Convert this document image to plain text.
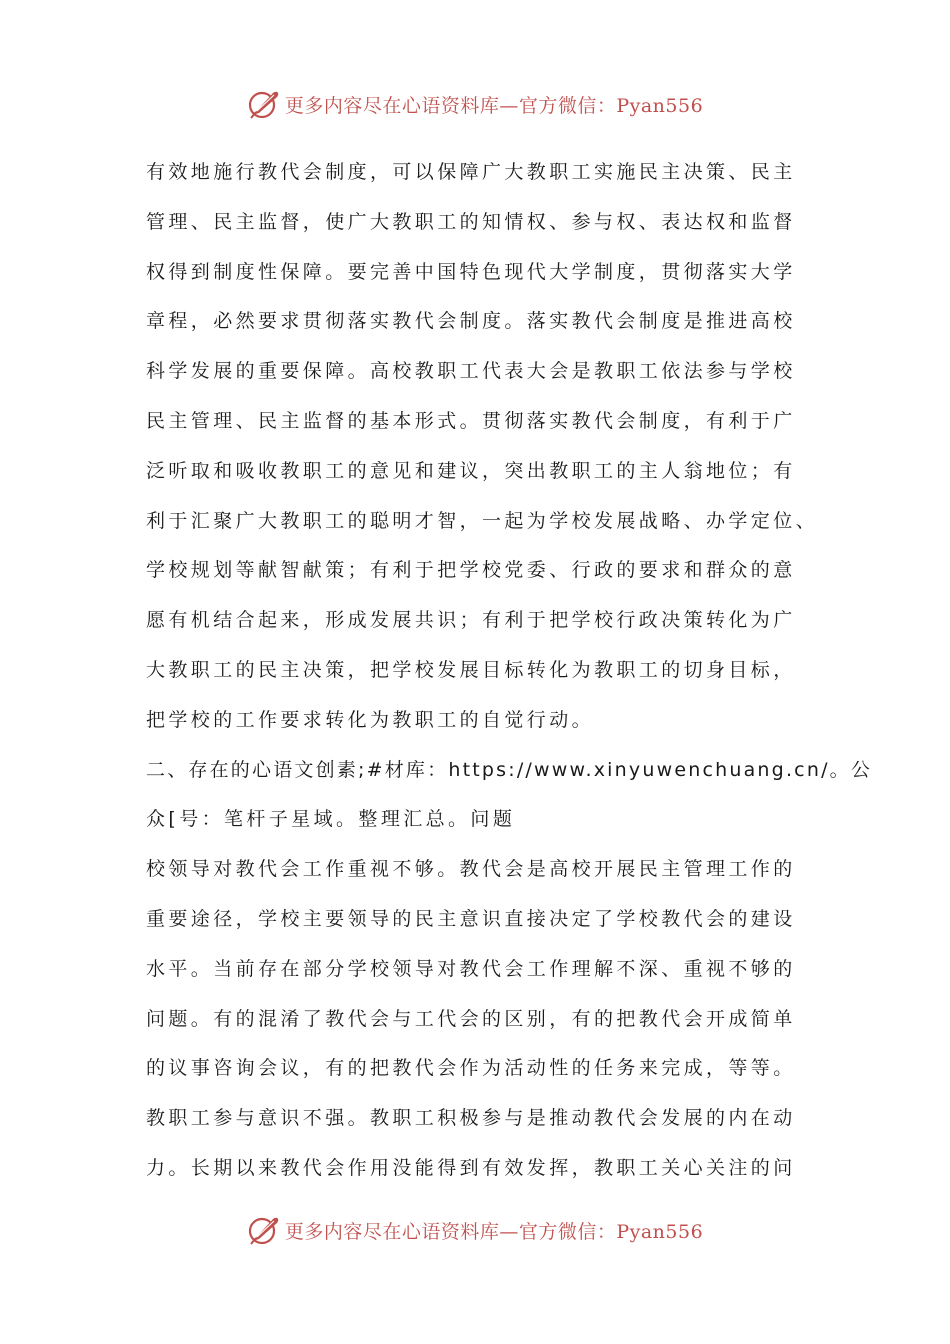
更多内容尽在心语资料库—官方微信：Pyan556
有效地施行教代会制度，可以保障广大教职工实施民主决策、民主
管理、民主监督，使广大教职工的知情权、参与权、表达权和监督
权得到制度性保障。要完善中国特色现代大学制度，贯彻落实大学
章程，必然要求贯彻落实教代会制度。落实教代会制度是推进高校
科学发展的重要保障。高校教职工代表大会是教职工依法参与学校
民主管理、民主监督的基本形式。贯彻落实教代会制度，有利于广
泛听取和吸收教职工的意见和建议，突出教职工的主人翁地位；有
利于汇聚广大教职工的聪明才智，一起为学校发展战略、办学定位、
学校规划等献智献策；有利于把学校党委、行政的要求和群众的意
愿有机结合起来，形成发展共识；有利于把学校行政决策转化为广
大教职工的民主决策，把学校发展目标转化为教职工的切身目标，
把学校的工作要求转化为教职工的自觉行动。
二、存在的心语文创素;#材库：https://www.xinyuwenchuang.cn/。公
众[号：笔杆子星域。整理汇总。问题
校领导对教代会工作重视不够。教代会是高校开展民主管理工作的
重要途径，学校主要领导的民主意识直接决定了学校教代会的建设
水平。当前存在部分学校领导对教代会工作理解不深、重视不够的
问题。有的混淆了教代会与工代会的区别，有的把教代会开成简单
的议事咨询会议，有的把教代会作为活动性的任务来完成，等等。
教职工参与意识不强。教职工积极参与是推动教代会发展的内在动
力。长期以来教代会作用没能得到有效发挥，教职工关心关注的问
更多内容尽在心语资料库—官方微信：Pyan556
